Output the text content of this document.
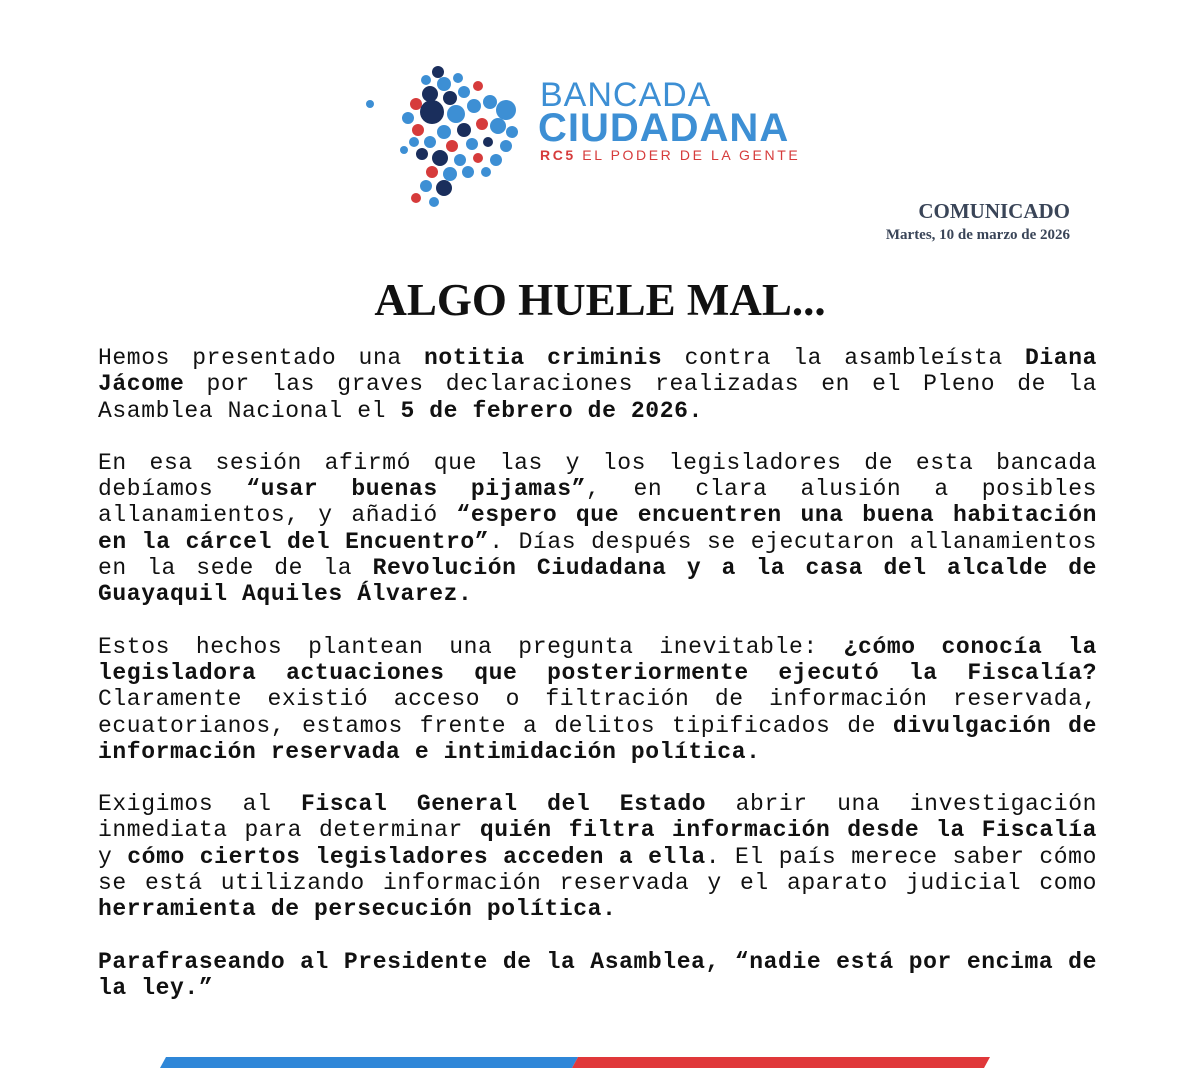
BANCADA
CIUDADANA
RC5 EL PODER DE LA GENTE
COMUNICADO
Martes, 10 de marzo de 2026
ALGO HUELE MAL...

Hemos presentado una notitia criminis contra la asambleísta Diana Jácome por las graves declaraciones realizadas en el Pleno de la Asamblea Nacional el 5 de febrero de 2026.

En esa sesión afirmó que las y los legisladores de esta bancada debíamos “usar buenas pijamas”, en clara alusión a posibles allanamientos, y añadió “espero que encuentren una buena habitación en la cárcel del Encuentro”. Días después se ejecutaron allanamientos en la sede de la Revolución Ciudadana y a la casa del alcalde de Guayaquil Aquiles Álvarez.

Estos hechos plantean una pregunta inevitable: ¿cómo conocía la legisladora actuaciones que posteriormente ejecutó la Fiscalía? Claramente existió acceso o filtración de información reservada, ecuatorianos, estamos frente a delitos tipificados de divulgación de información reservada e intimidación política.

Exigimos al Fiscal General del Estado abrir una investigación inmediata para determinar quién filtra información desde la Fiscalía y cómo ciertos legisladores acceden a ella. El país merece saber cómo se está utilizando información reservada y el aparato judicial como herramienta de persecución política.

Parafraseando al Presidente de la Asamblea, “nadie está por encima de la ley.”
